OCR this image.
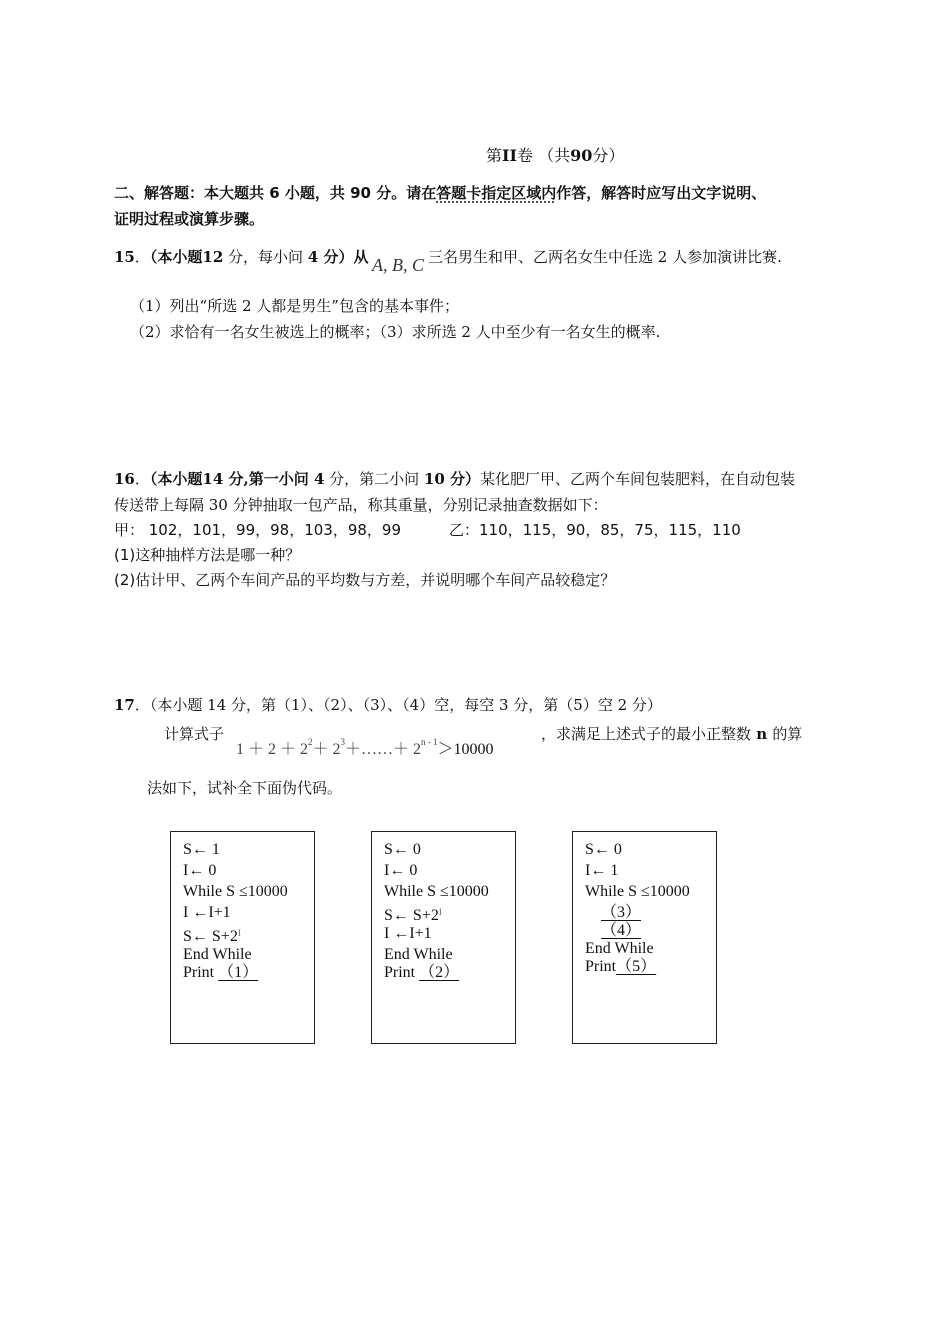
第II卷 （共90分）
二、解答题：本大题共 6 小题，共 90 分。请在答题卡指定区域内作答，解答时应写出文字说明、
证明过程或演算步骤。
15．（本小题12 分，每小问 4 分）从 A, B, C 三名男生和甲、乙两名女生中任选 2 人参加演讲比赛.
（1）列出“所选 2 人都是男生”包含的基本事件；
（2）求恰有一名女生被选上的概率；（3）求所选 2 人中至少有一名女生的概率.
16．（本小题14 分,第一小问 4 分，第二小问 10 分）某化肥厂甲、乙两个车间包装肥料，在自动包装
传送带上每隔 30 分钟抽取一包产品，称其重量，分别记录抽查数据如下：
甲： 102，101，99，98，103，98，99	乙：110，115，90，85，75，115，110
(1)这种抽样方法是哪一种？
(2)估计甲、乙两个车间产品的平均数与方差，并说明哪个车间产品较稳定？
17．（本小题 14 分，第（1）、（2）、（3）、（4）空，每空 3 分，第（5）空 2 分）
计算式子
$1 + 2 + 2^2+$ $2^3+\dots\dots+ 2^{n - 1}>10000$
，求满足上述式子的最小正整数 n 的算
法如下，试补全下面伪代码。
S← 1
I← 0
While S ≤10000
I ←I+1
S← $S+2^I$
End While
Print （1）
S← 0
I← 0
While S ≤10000
S← $S+2^I$
I ←I+1
End While
Print （2）
S← 0
I← 1
While S ≤10000
（3）
（4）
End While
Print（5）
